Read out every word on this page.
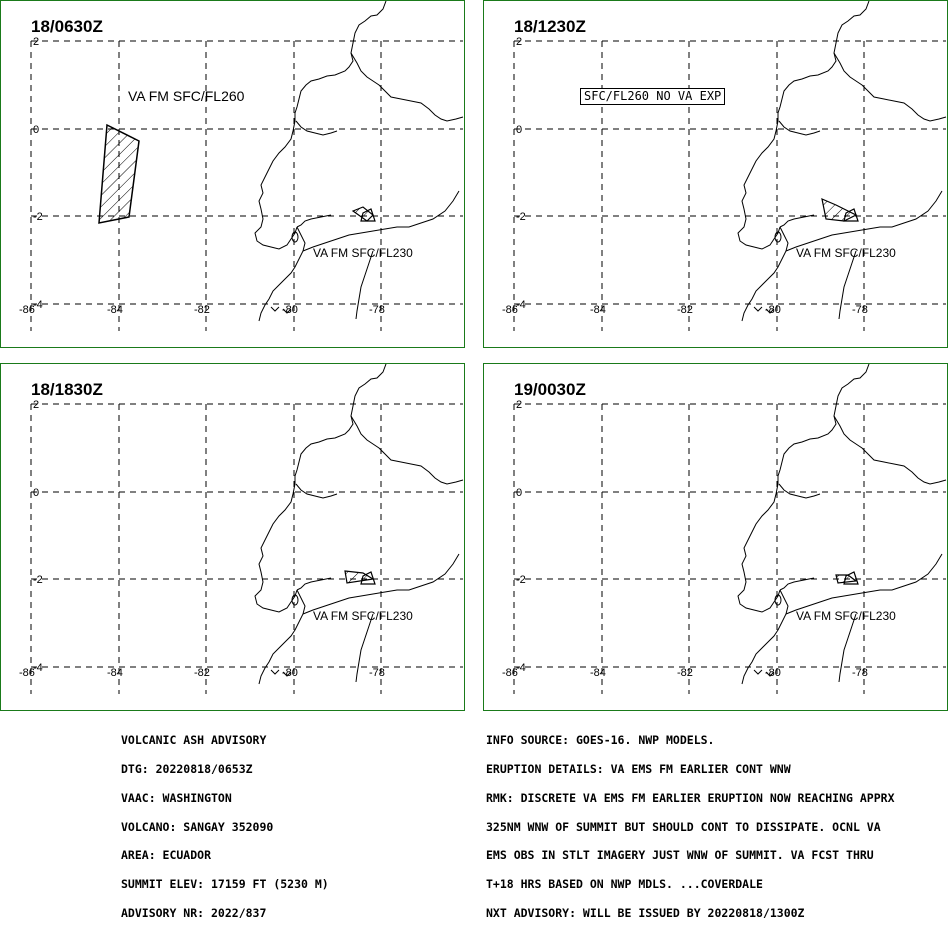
-86	-84	-82	-80	-78
2
0
-2
-4
VA FM SFC/FL260
VA FM SFC/FL230
18/0630Z
-86	-84	-82	-80	-78
2
0
-2
-4
VA FM SFC/FL230
18/1230Z
SFC/FL260 NO VA EXP
-86	-84	-82	-80	-78
2
0
-2
-4
VA FM SFC/FL230
18/1830Z
-86	-84	-82	-80	-78
2
0
-2
-4
VA FM SFC/FL230
19/0030Z

VOLCANIC ASH ADVISORY

DTG: 20220818/0653Z

VAAC: WASHINGTON

VOLCANO: SANGAY 352090

AREA: ECUADOR

SUMMIT ELEV: 17159 FT (5230 M)

ADVISORY NR: 2022/837

INFO SOURCE: GOES-16. NWP MODELS.

ERUPTION DETAILS: VA EMS FM EARLIER CONT WNW

RMK: DISCRETE VA EMS FM EARLIER ERUPTION NOW REACHING APPRX

325NM WNW OF SUMMIT BUT SHOULD CONT TO DISSIPATE. OCNL VA

EMS OBS IN STLT IMAGERY JUST WNW OF SUMMIT. VA FCST THRU

T+18 HRS BASED ON NWP MDLS. ...COVERDALE

NXT ADVISORY: WILL BE ISSUED BY 20220818/1300Z
